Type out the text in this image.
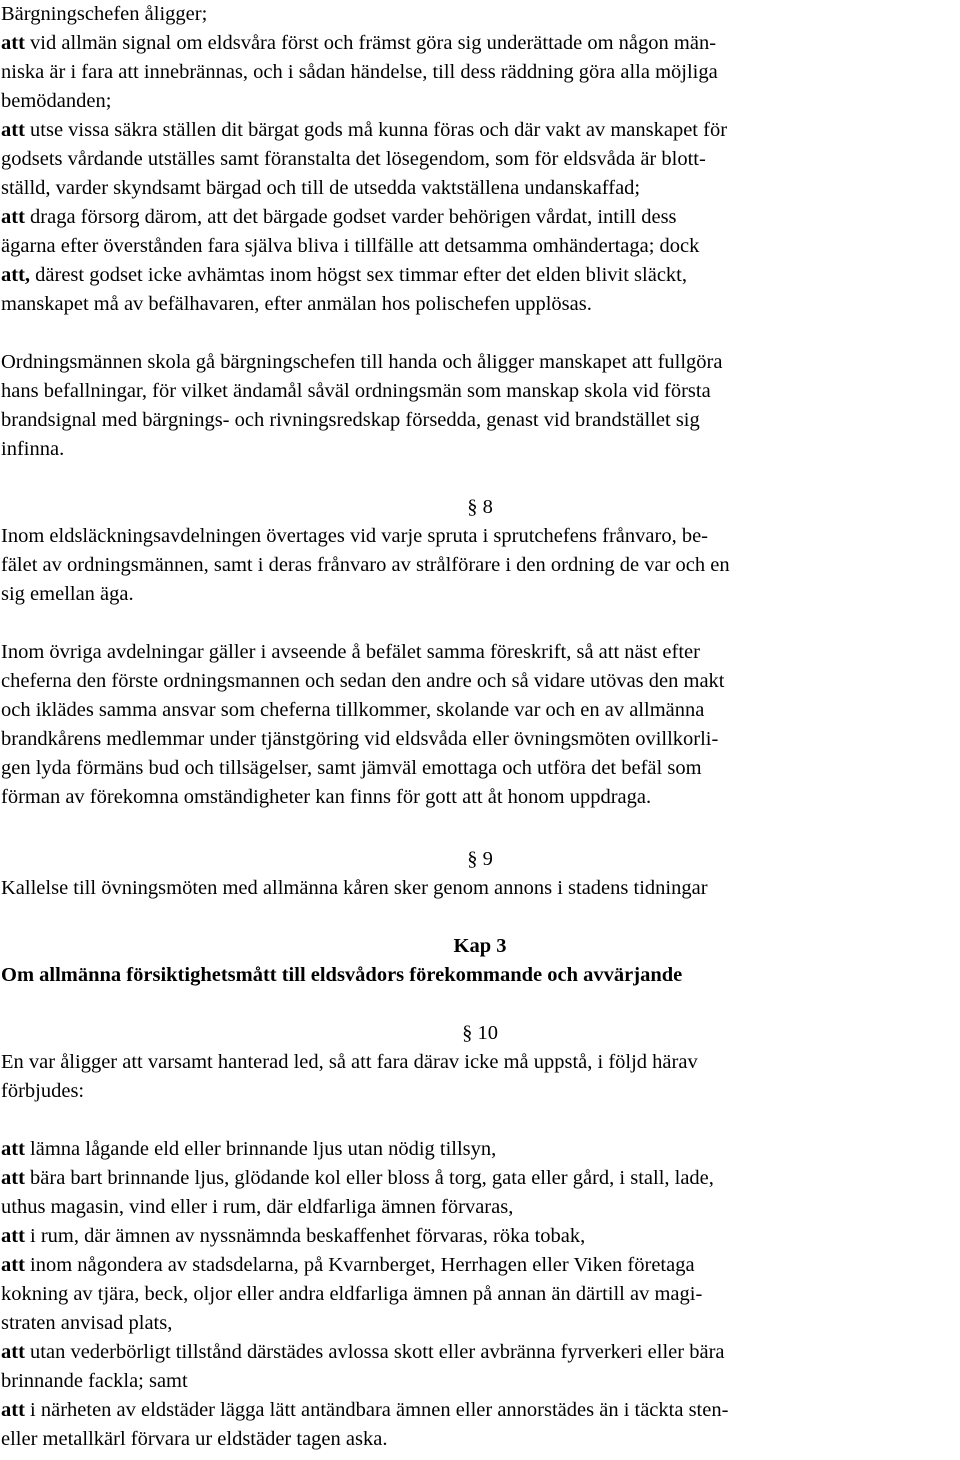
Bärgningschefen åligger;
att vid allmän signal om eldsvåra först och främst göra sig underättade om någon män-
niska är i fara att innebrännas, och i sådan händelse, till dess räddning göra alla möjliga
bemödanden;
att utse vissa säkra ställen dit bärgat gods må kunna föras och där vakt av manskapet för
godsets vårdande utställes samt föranstalta det lösegendom, som för eldsvåda är blott-
ställd, varder skyndsamt bärgad och till de utsedda vaktställena undanskaffad;
att draga försorg därom, att det bärgade godset varder behörigen vårdat, intill dess
ägarna efter överstånden fara själva bliva i tillfälle att detsamma omhändertaga; dock
att, därest godset icke avhämtas inom högst sex timmar efter det elden blivit släckt,
manskapet må av befälhavaren, efter anmälan hos polischefen upplösas.
Ordningsmännen skola gå bärgningschefen till handa och åligger manskapet att fullgöra
hans befallningar, för vilket ändamål såväl ordningsmän som manskap skola vid första
brandsignal med bärgnings- och rivningsredskap försedda, genast vid brandstället sig
infinna.
§ 8
Inom eldsläckningsavdelningen övertages vid varje spruta i sprutchefens frånvaro, be-
fälet av ordningsmännen, samt i deras frånvaro av strålförare i den ordning de var och en
sig emellan äga.
Inom övriga avdelningar gäller i avseende å befälet samma föreskrift, så att näst efter
cheferna den förste ordningsmannen och sedan den andre och så vidare utövas den makt
och iklädes samma ansvar som cheferna tillkommer, skolande var och en av allmänna
brandkårens medlemmar under tjänstgöring vid eldsvåda eller övningsmöten ovillkorli-
gen lyda förmäns bud och tillsägelser, samt jämväl emottaga och utföra det befäl som
förman av förekomna omständigheter kan finns för gott att åt honom uppdraga.
§ 9
Kallelse till övningsmöten med allmänna kåren sker genom annons i stadens tidningar
Kap 3
Om allmänna försiktighetsmått till eldsvådors förekommande och avvärjande
§ 10
En var åligger att varsamt hanterad led, så att fara därav icke må uppstå, i följd härav
förbjudes:
att lämna lågande eld eller brinnande ljus utan nödig tillsyn,
att bära bart brinnande ljus, glödande kol eller bloss å torg, gata eller gård, i stall, lade,
uthus magasin, vind eller i rum, där eldfarliga ämnen förvaras,
att i rum, där ämnen av nyssnämnda beskaffenhet förvaras, röka tobak,
att inom någondera av stadsdelarna, på Kvarnberget, Herrhagen eller Viken företaga
kokning av tjära, beck, oljor eller andra eldfarliga ämnen på annan än därtill av magi-
straten anvisad plats,
att utan vederbörligt tillstånd därstädes avlossa skott eller avbränna fyrverkeri eller bära
brinnande fackla; samt
att i närheten av eldstäder lägga lätt antändbara ämnen eller annorstädes än i täckta sten-
eller metallkärl förvara ur eldstäder tagen aska.
